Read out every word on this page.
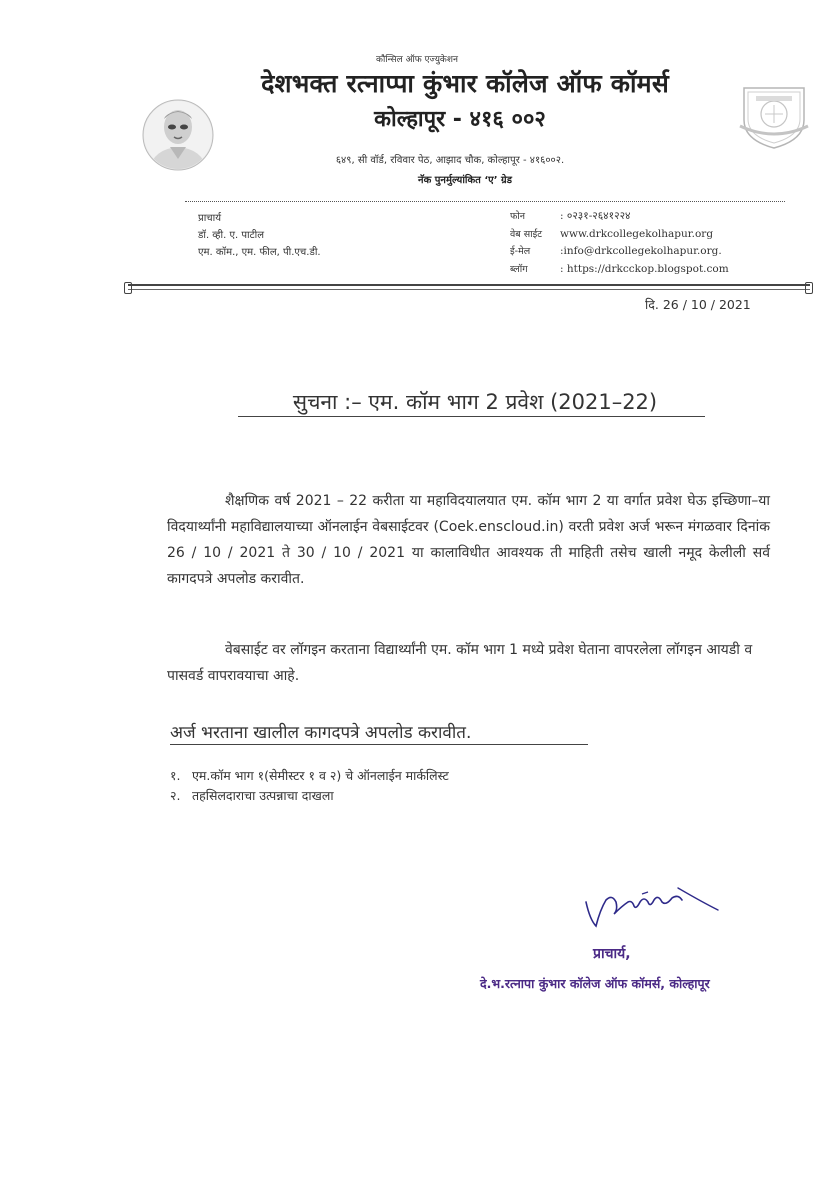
कौन्सिल ऑफ एज्युकेशन
देशभक्त रत्नाप्पा कुंभार कॉलेज ऑफ कॉमर्स
कोल्हापूर - ४१६ ००२
६४९, सी वॉर्ड, रविवार पेठ, आझाद चौक, कोल्हापूर - ४१६००२.
नॅक पुनर्मुल्यांकित ‘ए’ ग्रेड
प्राचार्य
डॉ. व्ही. ए. पाटील
एम. कॉम., एम. फील, पी.एच.डी.
फोन	: ०२३१-२६४१२२४
वेब साईट www.drkcollegekolhapur.org
ई-मेल	:info@drkcollegekolhapur.org.
ब्लॉग	: https://drkcckop.blogspot.com
दि. 26 / 10 / 2021
सुचना :– एम. कॉम भाग 2 प्रवेश (2021–22)
शैक्षणिक वर्ष 2021 – 22 करीता या महाविदयालयात एम. कॉम भाग 2 या वर्गात प्रवेश घेऊ इच्छिणा–या विदयार्थ्यांनी महाविद्यालयाच्या ऑनलाईन वेबसाईटवर (Coek.enscloud.in) वरती प्रवेश अर्ज भरून मंगळवार दिनांक 26 / 10 / 2021 ते 30 / 10 / 2021 या कालाविधीत आवश्यक ती माहिती तसेच खाली नमूद केलीली सर्व कागदपत्रे अपलोड करावीत.
वेबसाईट वर लॉगइन करताना विद्यार्थ्यांनी एम. कॉम भाग 1 मध्ये प्रवेश घेताना वापरलेला लॉगइन आयडी व पासवर्ड वापरावयाचा आहे.
अर्ज भरताना खालील कागदपत्रे अपलोड करावीत.
१. एम.कॉम भाग १(सेमीस्टर १ व २) चे ऑनलाईन मार्कलिस्ट
२. तहसिलदाराचा उत्पन्नाचा दाखला
प्राचार्य,
दे.भ.रत्नापा कुंभार कॉलेज ऑफ कॉमर्स, कोल्हापूर
